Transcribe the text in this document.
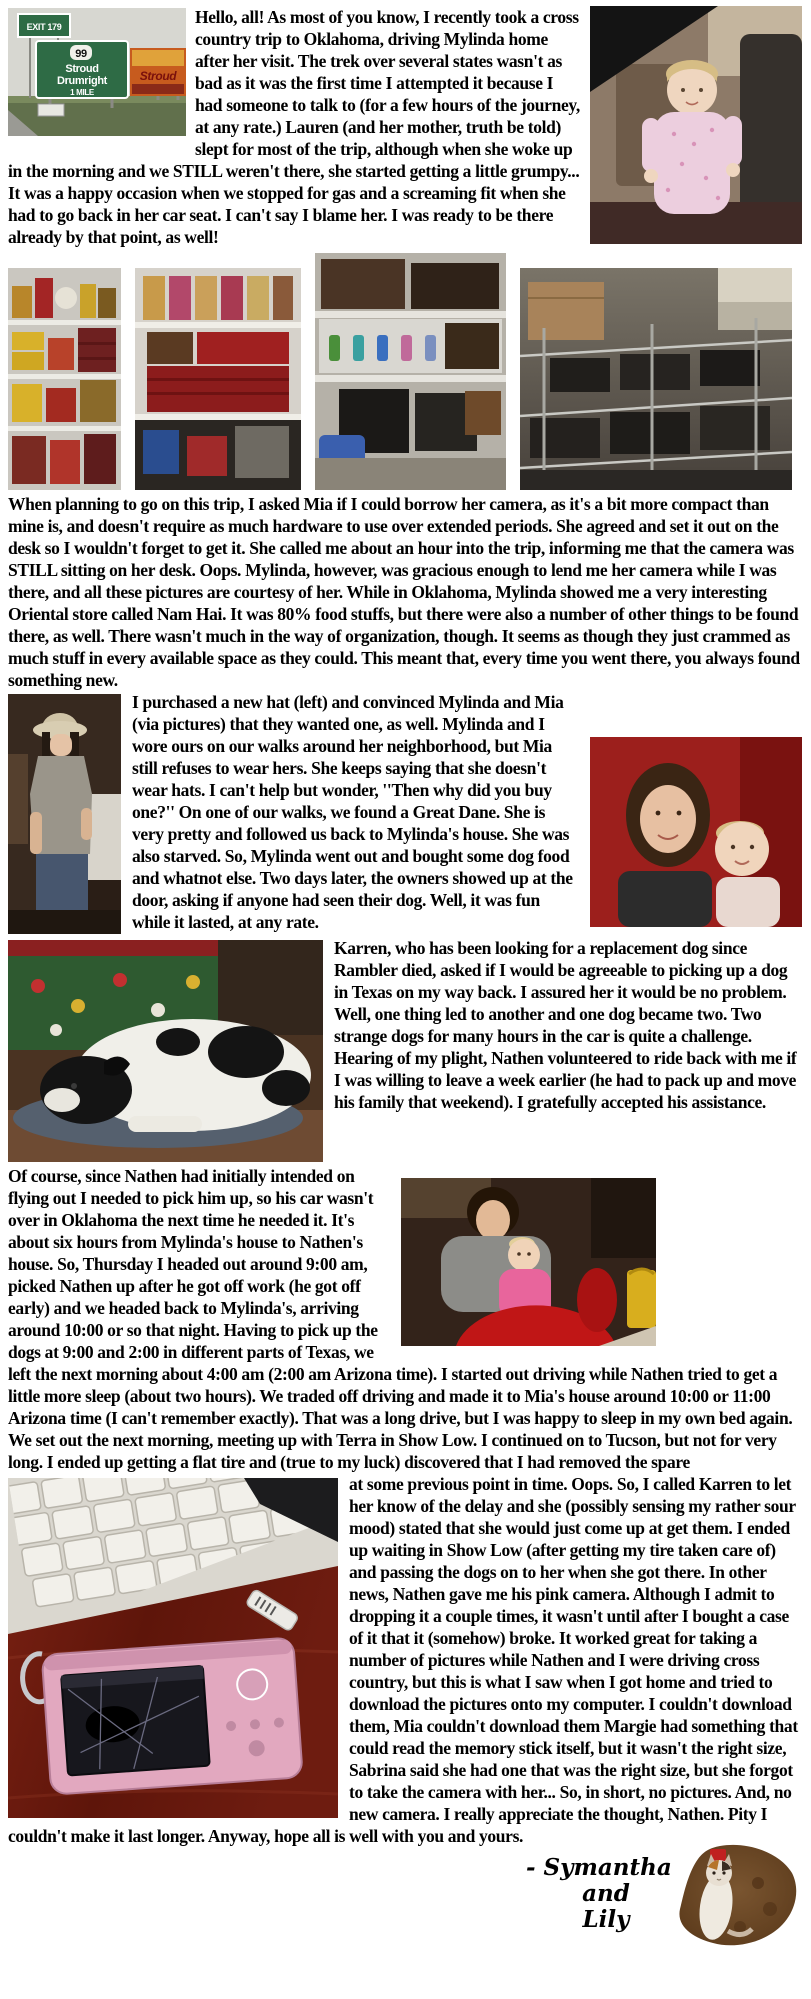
Stroud
EXIT 179
99
Stroud
Drumright
1 MILE
Hello, all! As most of you know, I recently took a cross country trip to Oklahoma, driving Mylinda home after her visit. The trek over several states wasn't as bad as it was the first time I attempted it because I had someone to talk to (for a few hours of the journey, at any rate.) Lauren (and her mother, truth be told) slept for most of the trip, although when she woke up in the morning and we STILL weren't there, she started getting a little grumpy... It was a happy occasion when we stopped for gas and a screaming fit when she had to go back in her car seat. I can't say I blame her. I was ready to be there already by that point, as well!
When planning to go on this trip, I asked Mia if I could borrow her camera, as it's a bit more compact than mine is, and doesn't require as much hardware to use over extended periods. She agreed and set it out on the desk so I wouldn't forget to get it. She called me about an hour into the trip, informing me that the camera was STILL sitting on her desk. Oops. Mylinda, however, was gracious enough to lend me her camera while I was there, and all these pictures are courtesy of her. While in Oklahoma, Mylinda showed me a very interesting Oriental store called Nam Hai. It was 80% food stuffs, but there were also a number of other things to be found there, as well. There wasn't much in the way of organization, though. It seems as though they just crammed as much stuff in every available space as they could. This meant that, every time you went there, you always found something new.
I purchased a new hat (left) and convinced Mylinda and Mia (via pictures) that they wanted one, as well. Mylinda and I wore ours on our walks around her neighborhood, but Mia still refuses to wear hers. She keeps saying that she doesn't wear hats. I can't help but wonder, ''Then why did you buy one?'' On one of our walks, we found a Great Dane. She is very pretty and followed us back to Mylinda's house. She was also starved. So, Mylinda went out and bought some dog food and whatnot else. Two days later, the owners showed up at the door, asking if anyone had seen their dog. Well, it was fun while it lasted, at any rate.
Karren, who has been looking for a replacement dog since Rambler died, asked if I would be agreeable to picking up a dog in Texas on my way back. I assured her it would be no problem. Well, one thing led to another and one dog became two. Two strange dogs for many hours in the car is quite a challenge. Hearing of my plight, Nathen volunteered to ride back with me if I was willing to leave a week earlier (he had to pack up and move his family that weekend). I gratefully accepted his assistance.
Of course, since Nathen had initially intended on flying out I needed to pick him up, so his car wasn't over in Oklahoma the next time he needed it. It's about six hours from Mylinda's house to Nathen's house. So, Thursday I headed out around 9:00 am, picked Nathen up after he got off work (he got off early) and we headed back to Mylinda's, arriving around 10:00 or so that night. Having to pick up the dogs at 9:00 and 2:00 in different parts of Texas, we left the next morning about 4:00 am (2:00 am Arizona time). I started out driving while Nathen tried to get a little more sleep (about two hours). We traded off driving and made it to Mia's house around 10:00 or 11:00 Arizona time (I can't remember exactly). That was a long drive, but I was happy to sleep in my own bed again. We set out the next morning, meeting up with Terra in Show Low. I continued on to Tucson, but not for very long. I ended up getting a flat tire and (true to my luck) discovered that I had removed the spare
at some previous point in time. Oops. So, I called Karren to let her know of the delay and she (possibly sensing my rather sour mood) stated that she would just come up at get them. I ended up waiting in Show Low (after getting my tire taken care of) and passing the dogs on to her when she got there. In other news, Nathen gave me his pink camera. Although I admit to dropping it a couple times, it wasn't until after I bought a case of it that it (somehow) broke. It worked great for taking a number of pictures while Nathen and I were driving cross country, but this is what I saw when I got home and tried to download the pictures onto my computer. I couldn't download them, Mia couldn't download them Margie had something that could read the memory stick itself, but it wasn't the right size, Sabrina said she had one that was the right size, but she forgot to take the camera with her... So, in short, no pictures. And, no new camera. I really appreciate the thought, Nathen. Pity I couldn't make it last longer. Anyway, hope all is well with you and yours.
- Symantha
and
Lily
